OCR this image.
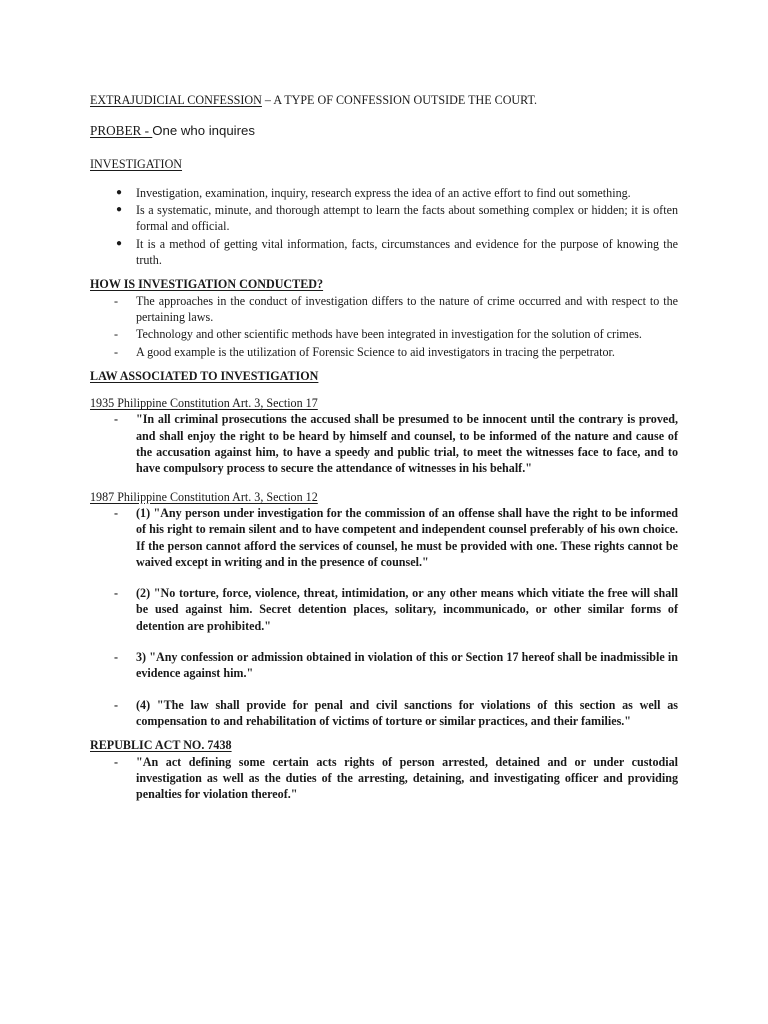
EXTRAJUDICIAL CONFESSION – A TYPE OF CONFESSION OUTSIDE THE COURT.

PROBER - One who inquires

INVESTIGATION

● Investigation, examination, inquiry, research express the idea of an active effort to find out something.
● Is a systematic, minute, and thorough attempt to learn the facts about something complex or hidden; it is often formal and official.
● It is a method of getting vital information, facts, circumstances and evidence for the purpose of knowing the truth.

HOW IS INVESTIGATION CONDUCTED?

- The approaches in the conduct of investigation differs to the nature of crime occurred and with respect to the pertaining laws.
- Technology and other scientific methods have been integrated in investigation for the solution of crimes.
- A good example is the utilization of Forensic Science to aid investigators in tracing the perpetrator.

LAW ASSOCIATED TO INVESTIGATION

1935 Philippine Constitution Art. 3, Section 17

- "In all criminal prosecutions the accused shall be presumed to be innocent until the contrary is proved, and shall enjoy the right to be heard by himself and counsel, to be informed of the nature and cause of the accusation against him, to have a speedy and public trial, to meet the witnesses face to face, and to have compulsory process to secure the attendance of witnesses in his behalf."

1987 Philippine Constitution Art. 3, Section 12

- (1) "Any person under investigation for the commission of an offense shall have the right to be informed of his right to remain silent and to have competent and independent counsel preferably of his own choice. If the person cannot afford the services of counsel, he must be provided with one. These rights cannot be waived except in writing and in the presence of counsel."
- (2) "No torture, force, violence, threat, intimidation, or any other means which vitiate the free will shall be used against him. Secret detention places, solitary, incommunicado, or other similar forms of detention are prohibited."
- 3) "Any confession or admission obtained in violation of this or Section 17 hereof shall be inadmissible in evidence against him."
- (4) "The law shall provide for penal and civil sanctions for violations of this section as well as compensation to and rehabilitation of victims of torture or similar practices, and their families."

REPUBLIC ACT NO. 7438

- "An act defining some certain acts rights of person arrested, detained and or under custodial investigation as well as the duties of the arresting, detaining, and investigating officer and providing penalties for violation thereof."
